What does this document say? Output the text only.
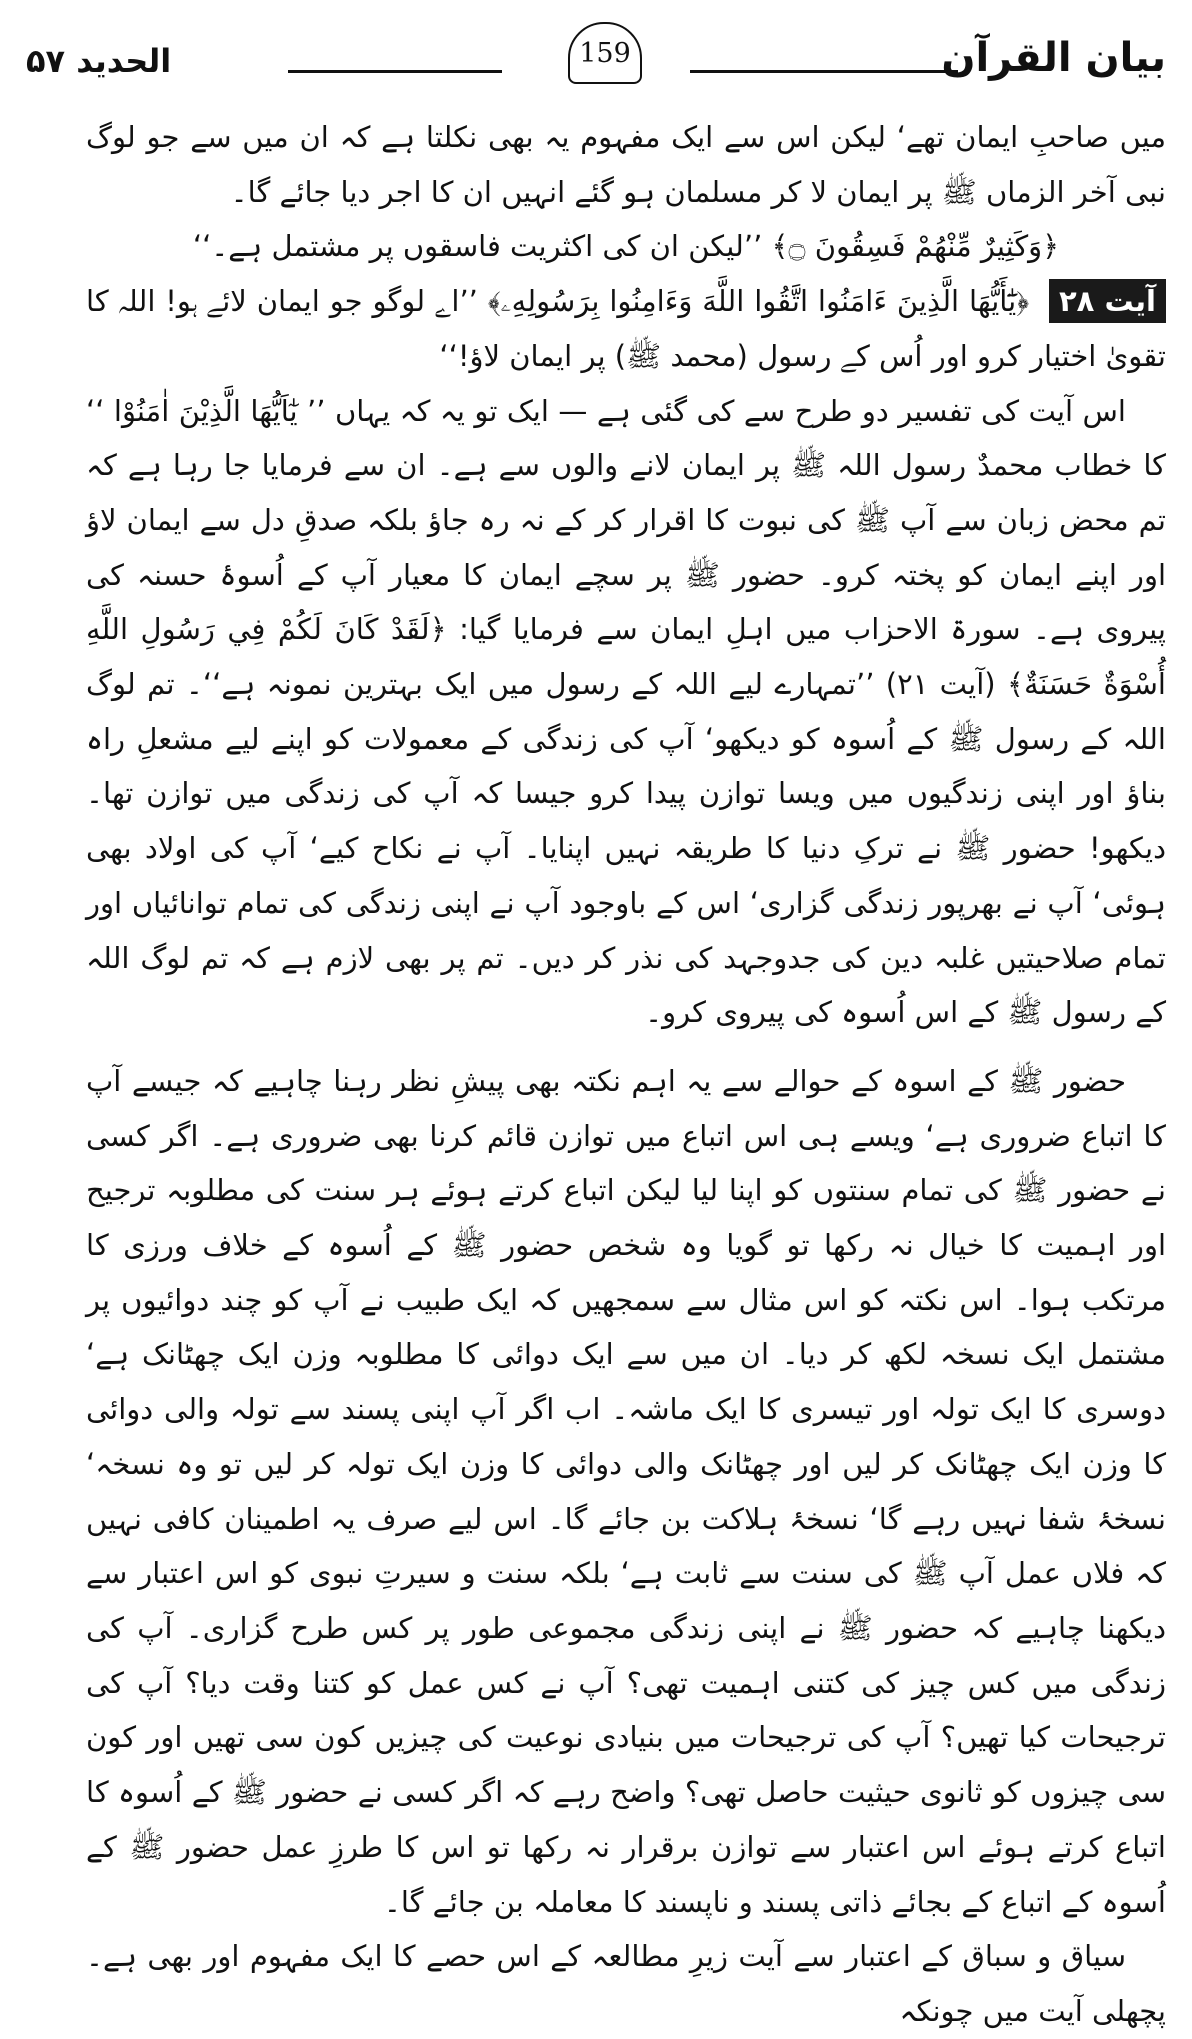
بیان القرآن
159
الحدید ۵۷

میں صاحبِ ایمان تھے‘ لیکن اس سے ایک مفہوم یہ بھی نکلتا ہے کہ ان میں سے جو لوگ نبی آخر الزماں ﷺ پر ایمان لا کر مسلمان ہو گئے انہیں ان کا اجر دیا جائے گا۔

﴿وَكَثِيرٌ مِّنْهُمْ فَسِقُونَ ۝﴾ ’’لیکن ان کی اکثریت فاسقوں پر مشتمل ہے۔‘‘

آیت ۲۸ ﴿يَٰٓأَيُّهَا الَّذِينَ ءَامَنُوا اتَّقُوا اللَّهَ وَءَامِنُوا بِرَسُولِهِۦ﴾ ’’اے لوگو جو ایمان لائے ہو! اللہ کا تقویٰ اختیار کرو اور اُس کے رسول (محمد ﷺ) پر ایمان لاؤ!‘‘

اس آیت کی تفسیر دو طرح سے کی گئی ہے — ایک تو یہ کہ یہاں ’’ يٰٓاَيُّهَا الَّذِيْنَ اٰمَنُوْا ‘‘ کا خطاب محمدٌ رسول اللہ ﷺ پر ایمان لانے والوں سے ہے۔ ان سے فرمایا جا رہا ہے کہ تم محض زبان سے آپ ﷺ کی نبوت کا اقرار کر کے نہ رہ جاؤ بلکہ صدقِ دل سے ایمان لاؤ اور اپنے ایمان کو پختہ کرو۔ حضور ﷺ پر سچے ایمان کا معیار آپ کے اُسوۂ حسنہ کی پیروی ہے۔ سورۃ الاحزاب میں اہلِ ایمان سے فرمایا گیا: ﴿لَقَدْ كَانَ لَكُمْ فِي رَسُولِ اللَّهِ أُسْوَةٌ حَسَنَةٌ﴾ (آیت ۲۱) ’’تمہارے لیے اللہ کے رسول میں ایک بہترین نمونہ ہے‘‘۔ تم لوگ اللہ کے رسول ﷺ کے اُسوہ کو دیکھو‘ آپ کی زندگی کے معمولات کو اپنے لیے مشعلِ راہ بناؤ اور اپنی زندگیوں میں ویسا توازن پیدا کرو جیسا کہ آپ کی زندگی میں توازن تھا۔ دیکھو! حضور ﷺ نے ترکِ دنیا کا طریقہ نہیں اپنایا۔ آپ نے نکاح کیے‘ آپ کی اولاد بھی ہوئی‘ آپ نے بھرپور زندگی گزاری‘ اس کے باوجود آپ نے اپنی زندگی کی تمام توانائیاں اور تمام صلاحیتیں غلبہ دین کی جدوجہد کی نذر کر دیں۔ تم پر بھی لازم ہے کہ تم لوگ اللہ کے رسول ﷺ کے اس اُسوہ کی پیروی کرو۔

حضور ﷺ کے اسوہ کے حوالے سے یہ اہم نکتہ بھی پیشِ نظر رہنا چاہیے کہ جیسے آپ کا اتباع ضروری ہے‘ ویسے ہی اس اتباع میں توازن قائم کرنا بھی ضروری ہے۔ اگر کسی نے حضور ﷺ کی تمام سنتوں کو اپنا لیا لیکن اتباع کرتے ہوئے ہر سنت کی مطلوبہ ترجیح اور اہمیت کا خیال نہ رکھا تو گویا وہ شخص حضور ﷺ کے اُسوہ کے خلاف ورزی کا مرتکب ہوا۔ اس نکتہ کو اس مثال سے سمجھیں کہ ایک طبیب نے آپ کو چند دوائیوں پر مشتمل ایک نسخہ لکھ کر دیا۔ ان میں سے ایک دوائی کا مطلوبہ وزن ایک چھٹانک ہے‘ دوسری کا ایک تولہ اور تیسری کا ایک ماشہ۔ اب اگر آپ اپنی پسند سے تولہ والی دوائی کا وزن ایک چھٹانک کر لیں اور چھٹانک والی دوائی کا وزن ایک تولہ کر لیں تو وہ نسخہ‘ نسخۂ شفا نہیں رہے گا‘ نسخۂ ہلاکت بن جائے گا۔ اس لیے صرف یہ اطمینان کافی نہیں کہ فلاں عمل آپ ﷺ کی سنت سے ثابت ہے‘ بلکہ سنت و سیرتِ نبوی کو اس اعتبار سے دیکھنا چاہیے کہ حضور ﷺ نے اپنی زندگی مجموعی طور پر کس طرح گزاری۔ آپ کی زندگی میں کس چیز کی کتنی اہمیت تھی؟ آپ نے کس عمل کو کتنا وقت دیا؟ آپ کی ترجیحات کیا تھیں؟ آپ کی ترجیحات میں بنیادی نوعیت کی چیزیں کون سی تھیں اور کون سی چیزوں کو ثانوی حیثیت حاصل تھی؟ واضح رہے کہ اگر کسی نے حضور ﷺ کے اُسوہ کا اتباع کرتے ہوئے اس اعتبار سے توازن برقرار نہ رکھا تو اس کا طرزِ عمل حضور ﷺ کے اُسوہ کے اتباع کے بجائے ذاتی پسند و ناپسند کا معاملہ بن جائے گا۔

سیاق و سباق کے اعتبار سے آیت زیرِ مطالعہ کے اس حصے کا ایک مفہوم اور بھی ہے۔ پچھلی آیت میں چونکہ
